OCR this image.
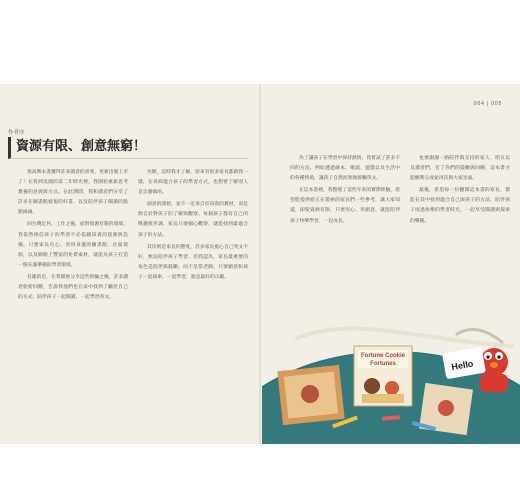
004 | 005
作者序
資源有限、創意無窮！

很高興本書獲得許多讀者的喜愛，更新出版上市了！在我到美國的第二年時光裡，我開始重新思考教養的意義與方式。在此期間，我和讀者們分享了許多在圖書館發現的好書，以及陪伴孩子閱讀的點點滴滴。

回台灣定居、工作之後，面對資源有限的環境，我依然相信孩子的學習不必依賴昂貴的資源與設備。只要家長有心，善用身邊的圖書館、社區資源，以及網路上豐富的免費素材，就能為孩子打造一個充滿樂趣的學習環境。

有趣的是，在我開始分享這些經驗之後，許多讀者紛紛回饋，告訴我他們也在家中找到了屬於自己的方式，陪伴孩子一起閱讀、一起學習英文。

名額，這時我才了解，原來有很多家長都跟我一樣，在尋找適合孩子的學習方式，也想要了解別人是怎麼做的。

創意的開始，並不一定來自於昂貴的教材，而是源自於對孩子的了解與觀察。每個孩子都有自己的興趣與步調，家長只要細心觀察，就能找到最適合孩子的方法。

其次則是家長的態度，許多家長擔心自己英文不好，無法陪伴孩子學習。但我認為，家長最重要的角色是陪伴與鼓勵，而不是當老師。只要願意和孩子一起探索、一起學習，就是最好的示範。

為了讓孩子在學習中保持熱情，我嘗試了許多不同的方法，例如透過繪本、歌謠、遊戲以及生活中的各種情境，讓孩子自然而然地接觸英文。

在這本書裡，我整理了這些年來的實際經驗，希望能提供給正在摸索的家長們一些參考，讓大家知道，即使資源有限，只要用心、用創意，就能陪伴孩子快樂學習、一起成長。

也要謝謝一路陪伴與支持的家人、朋友以及讀者們，有了你們的鼓勵與回饋，這本書才能順利完成並再次與大家見面。

最後，希望每一位翻開這本書的家長，都能在其中找到適合自己與孩子的方法，陪伴孩子度過快樂的學習時光，一起享受閱讀與探索的樂趣。

Fortune Cookie
Fortunes	Hello
